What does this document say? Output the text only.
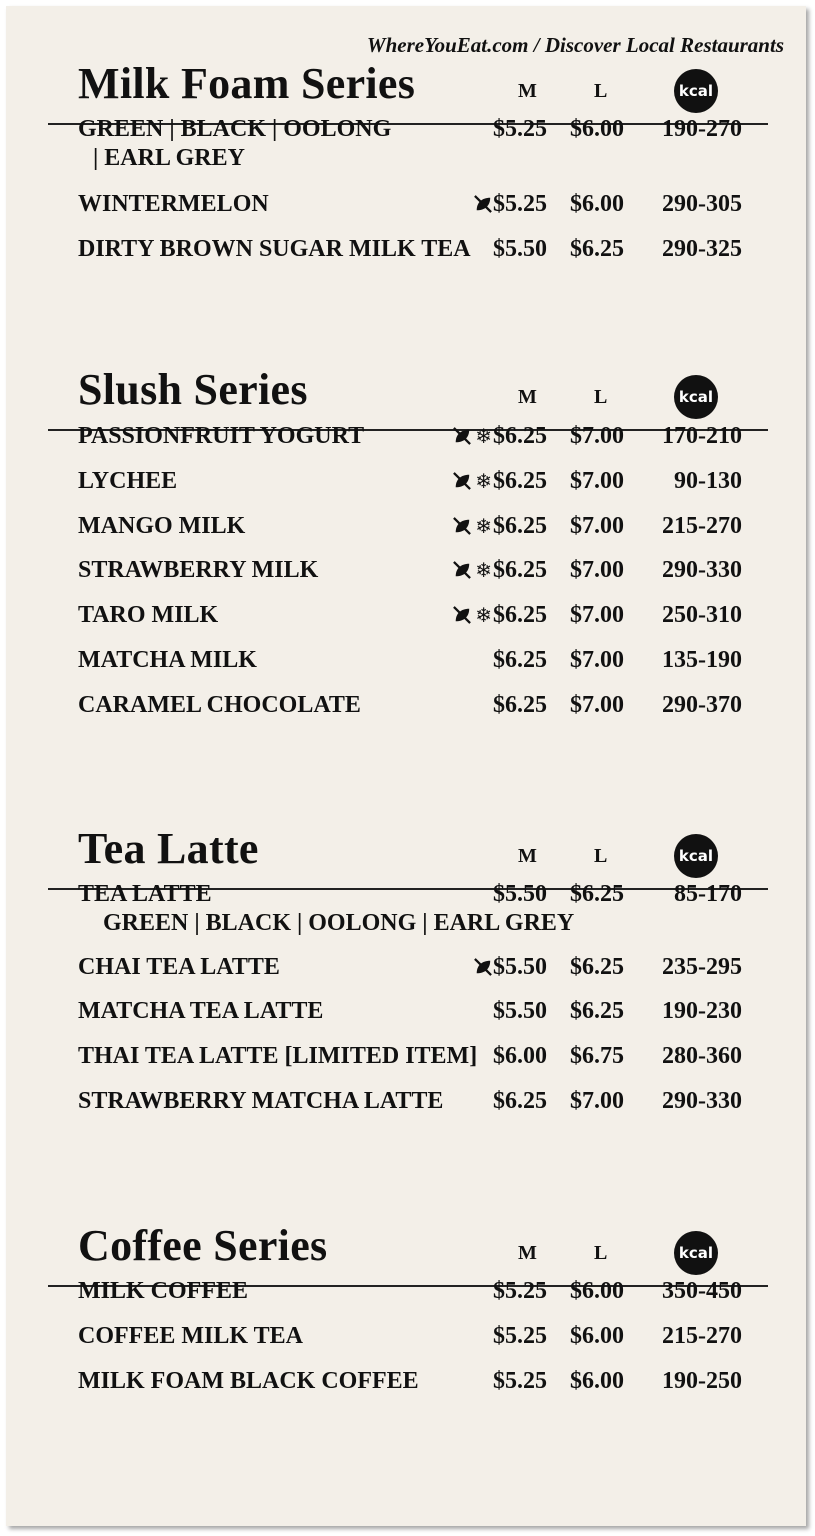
WhereYouEat.com / Discover Local Restaurants
Milk Foam Series	M	L	kcal
GREEN | BLACK | OOLONG
| EARL GREY
$5.25 $6.00 190-270
WINTERMELON	$5.25 $6.00 290-305
DIRTY BROWN SUGAR MILK TEA $5.50 $6.25 290-325
Slush Series	M	L	kcal
PASSIONFRUIT YOGURT	❄ $6.25 $7.00 170-210
LYCHEE	❄ $6.25 $7.00 90-130
MANGO MILK	❄ $6.25 $7.00 215-270
STRAWBERRY MILK	❄ $6.25 $7.00 290-330
TARO MILK	❄ $6.25 $7.00 250-310
MATCHA MILK	$6.25 $7.00 135-190
CARAMEL CHOCOLATE	$6.25 $7.00 290-370
Tea Latte	M	L	kcal
TEA LATTE
GREEN | BLACK | OOLONG | EARL GREY
$5.50 $6.25 85-170
CHAI TEA LATTE	$5.50 $6.25 235-295
MATCHA TEA LATTE	$5.50 $6.25 190-230
THAI TEA LATTE [LIMITED ITEM] $6.00 $6.75 280-360
STRAWBERRY MATCHA LATTE $6.25 $7.00 290-330
Coffee Series	M	L	kcal
MILK COFFEE	$5.25 $6.00 350-450
COFFEE MILK TEA	$5.25 $6.00 215-270
MILK FOAM BLACK COFFEE	$5.25 $6.00 190-250
